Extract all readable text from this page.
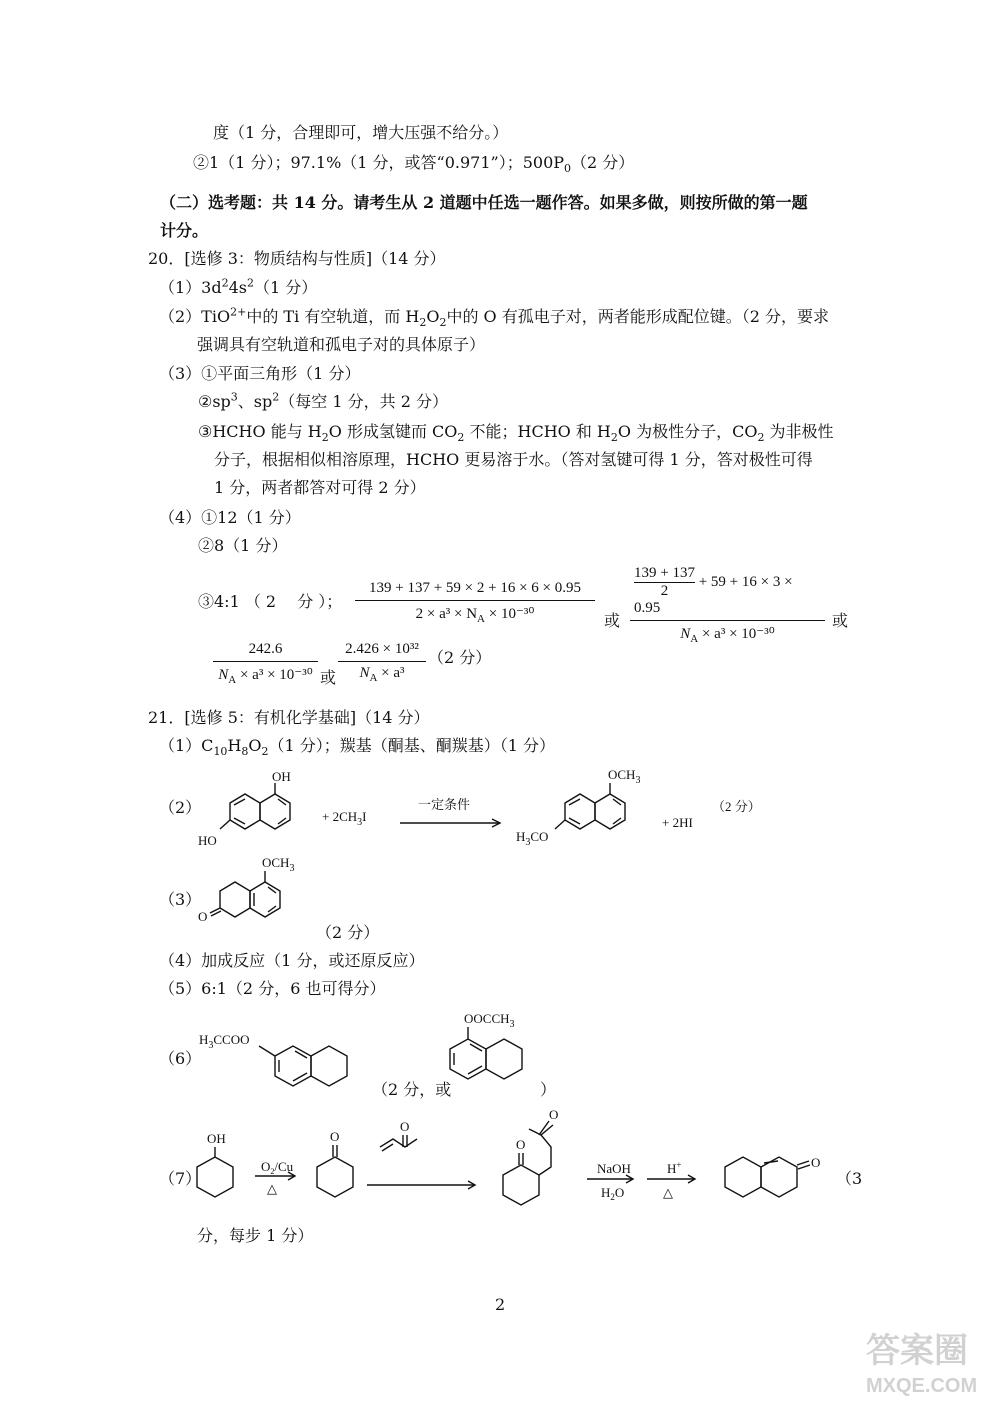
度（1 分，合理即可，增大压强不给分。）
②1（1 分）；97.1%（1 分，或答“0.971”）；$500P_0(2$ 分）
（二）选考题：共 14 分。请考生从 2 道题中任选一题作答。如果多做，则按所做的第一题
计分。
20．[选修 3：物质结构与性质]（14 分）
$(1)3d^24s^2(1$ 分）
（2）TiO$^{2+}$中的 Ti 有空轨道，而 $H_2O_2$中的 O 有孤电子对，两者能形成配位键。（2 分，要求
强调具有空轨道和孤电子对的具体原子）
（3）①平面三角形（1 分）
$②sp^3$、$sp^2$（每空 1 分，共 2 分）
③HCHO 能与 $H_2O$ 形成氢键而 $CO_2$ 不能；HCHO 和 $H_2O$ 为极性分子，$CO_2$ 为非极性
分子，根据相似相溶原理，HCHO 更易溶于水。（答对氢键可得 1 分，答对极性可得
1 分，两者都答对可得 2 分）
（4）①12（1 分）
②8（1 分）
③4:1 （ 2 　分 ）；
139 + 137 + 59 × 2 + 16 × 6 × 0.95
$2 \times a^3 \times N_A \times 10^{-30}$	或
$\frac{139 + 137}{2} + 59 + 16 \times 3 \times 0.95$
$N_A \times a^3 \times 10^{-30}$
或
242.6
$N_A \times a^3 \times 10^{-30}$ 或
2.426 × 10³²
$N_A \times a^3$
（2 分）
21．[选修 5：有机化学基础]（14 分）
$(1)C_{10}H_8O_2(1$ 分）；羰基（酮基、酮羰基）（1 分）
（2）
OH
HO
+ $2CH_3I$
一定条件
$OCH_3$
$H_3CO$
+ 2HI
（2 分）
（3）
O
$OCH_3$
（2 分）
（4）加成反应（1 分，或还原反应）
（5）6:1（2 分，6 也可得分）
（6）
$H_3CCOO$
（2 分，或
$OOCCH_3$
）
（7）
OH
$O_2/Cu$
△
O
O
O
O
NaOH
$H_2O$
H+
△
O
（3
分，每步 1 分）
2
答案圈
MXQE.COM
